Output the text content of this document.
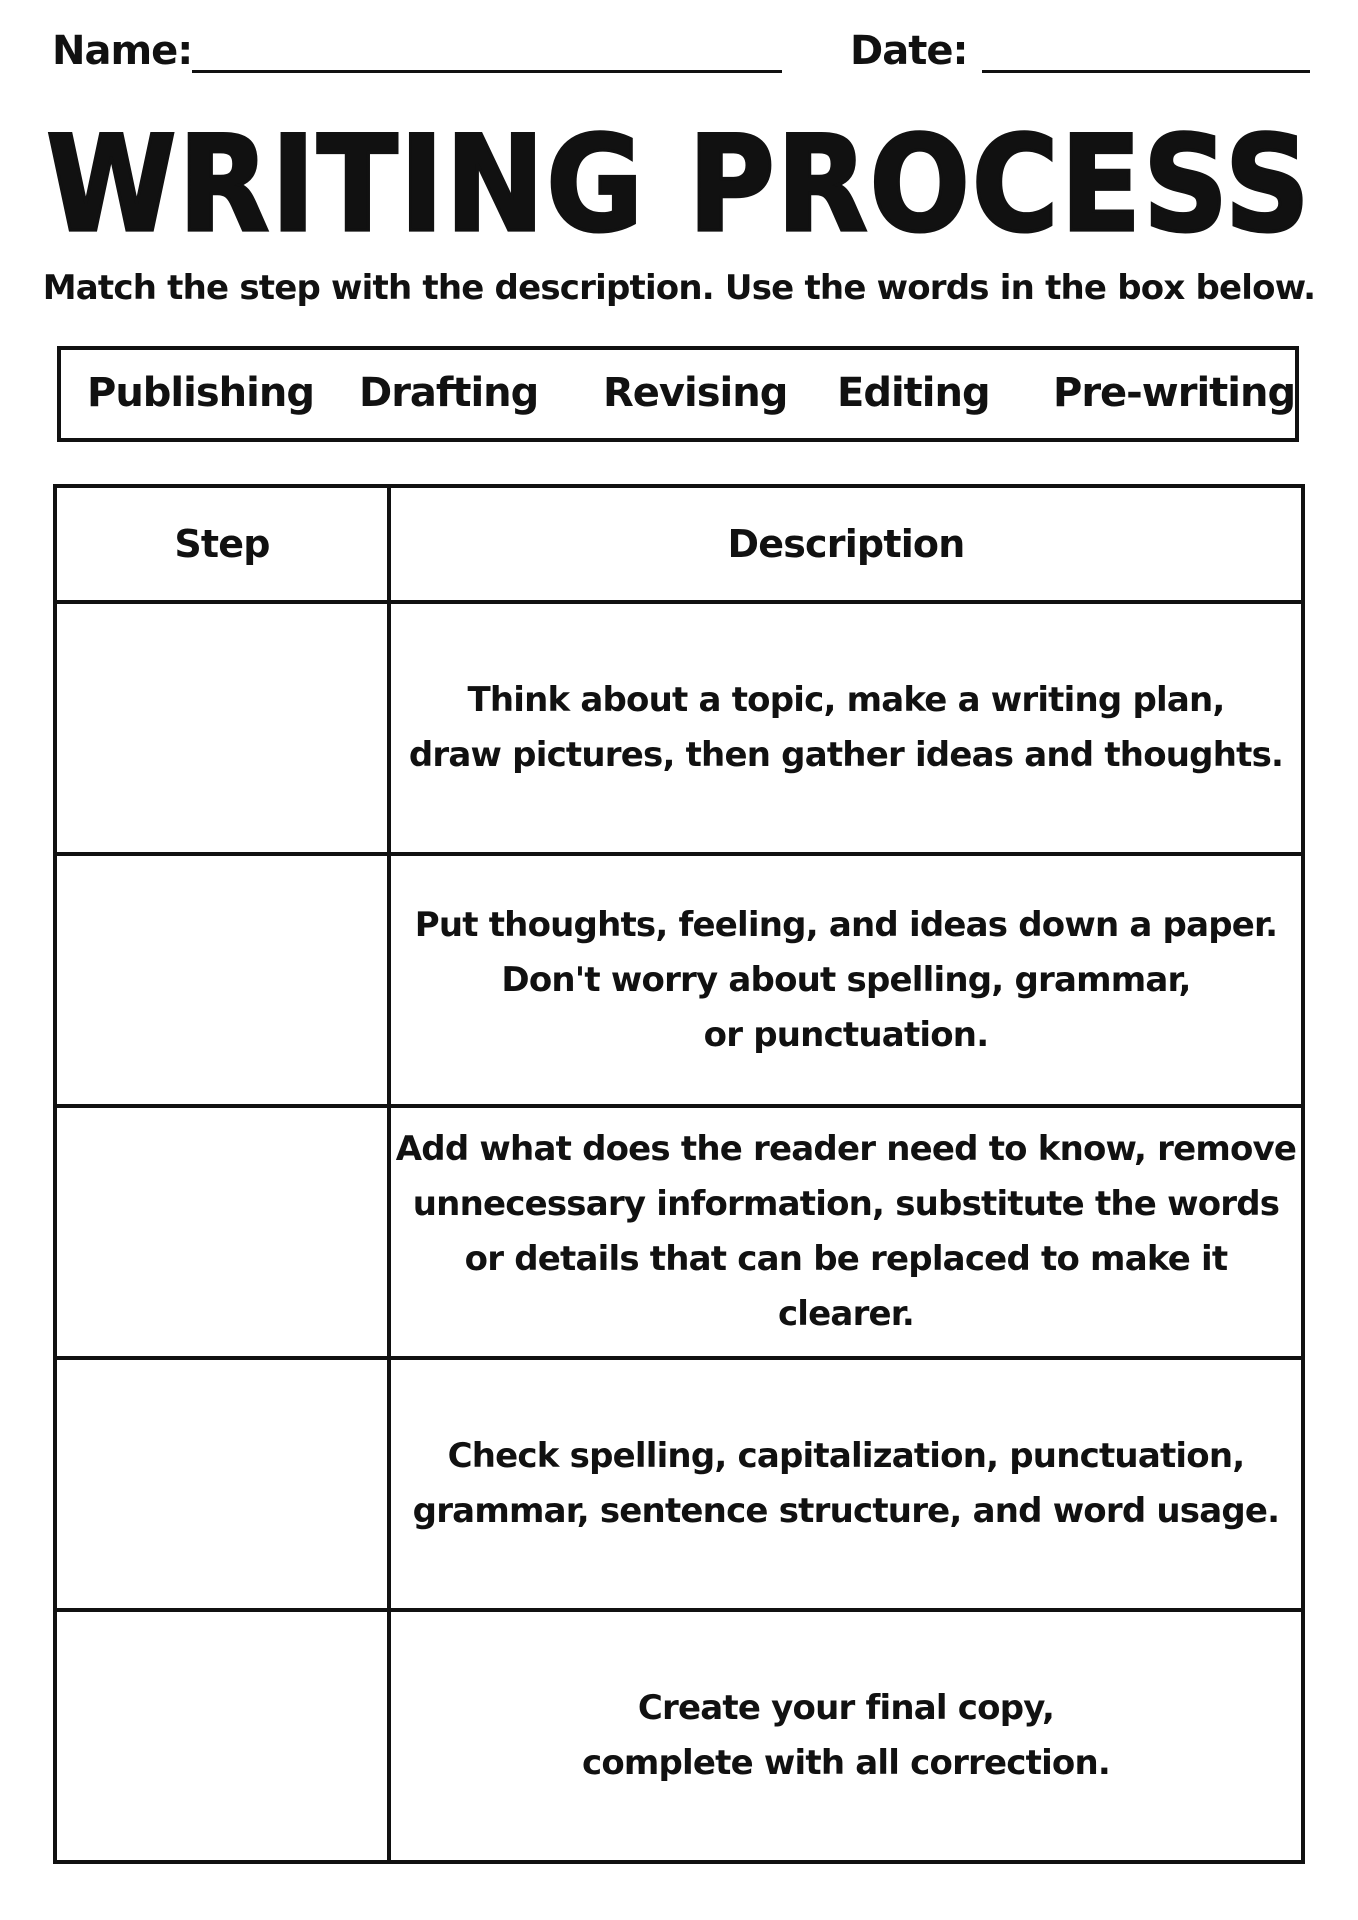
Name:	Date:
WRITING PROCESS
Match the step with the description. Use the words in the box below.
Publishing Drafting Revising Editing Pre-writing
Step	Description

	Think about a topic, make a writing plan,
draw pictures, then gather ideas and thoughts.

	Put thoughts, feeling, and ideas down a paper.
Don't worry about spelling, grammar,
or punctuation.

	Add what does the reader need to know, remove
unnecessary information, substitute the words
or details that can be replaced to make it clearer.

	Check spelling, capitalization, punctuation,
grammar, sentence structure, and word usage.

	Create your final copy,
complete with all correction.
